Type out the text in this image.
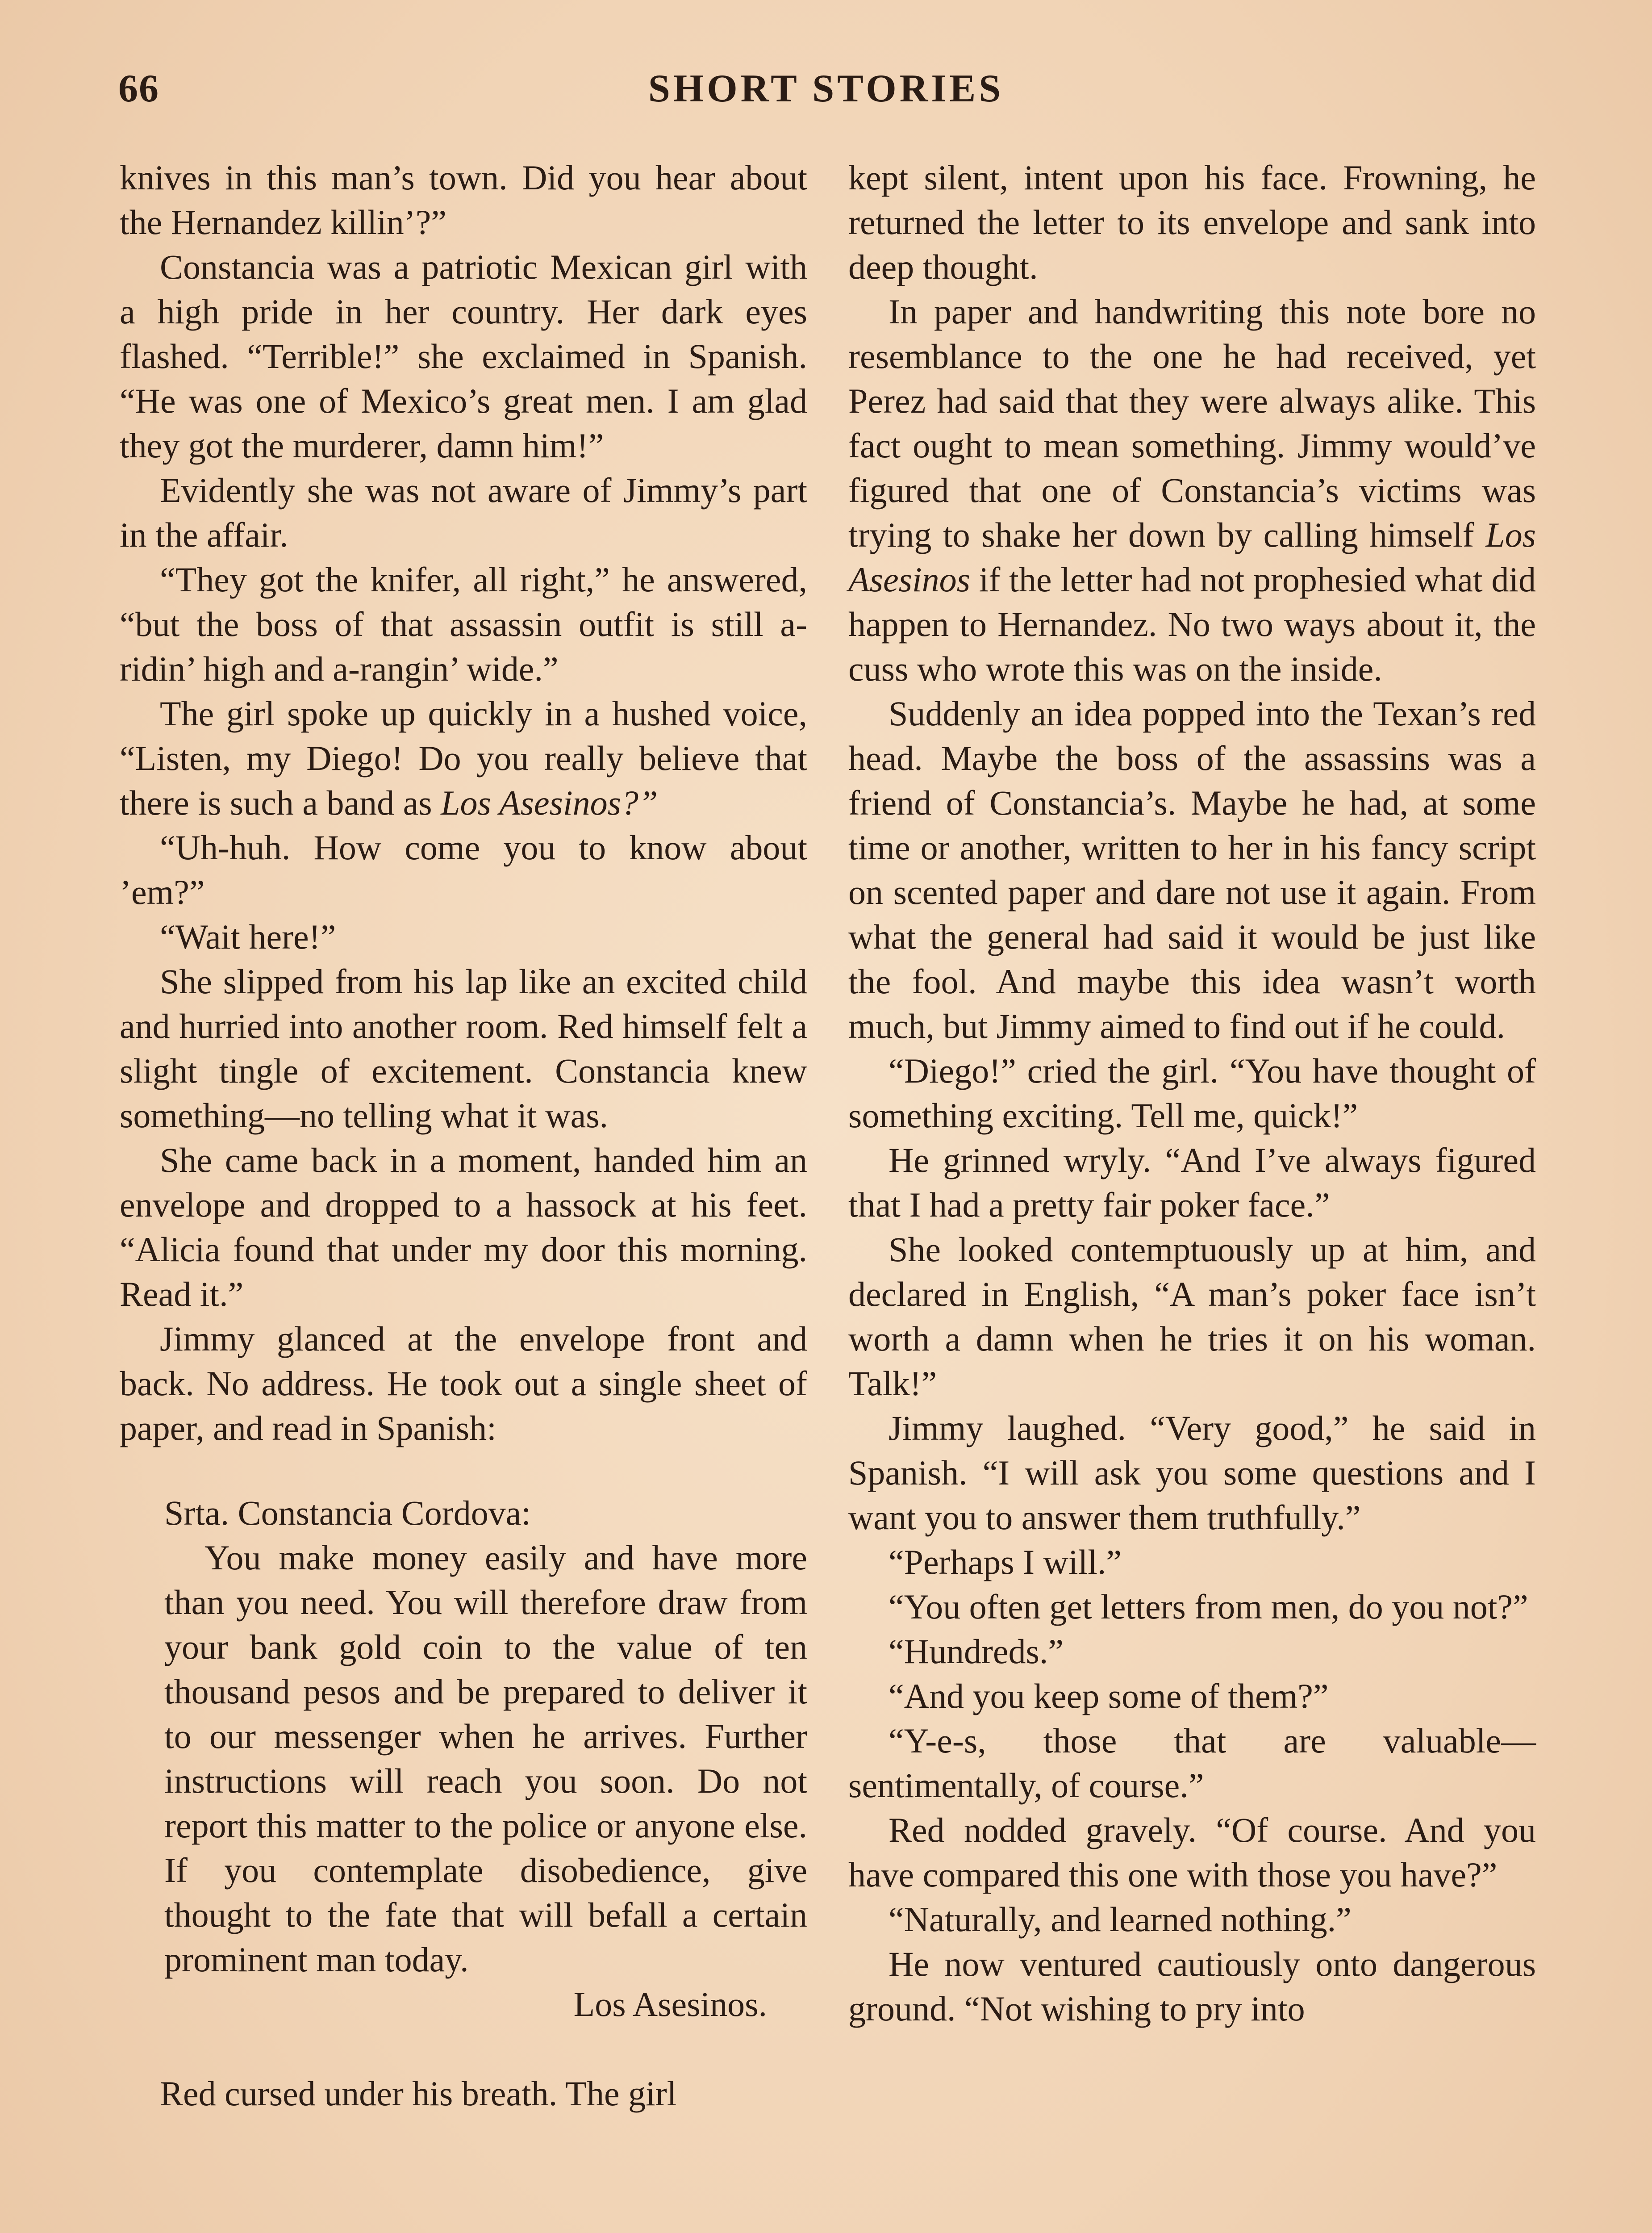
66	SHORT STORIES

knives in this man’s town. Did you hear about the Hernandez killin’?”

Constancia was a patriotic Mexican girl with a high pride in her country. Her dark eyes flashed. “Terrible!” she exclaimed in Spanish. “He was one of Mexico’s great men. I am glad they got the murderer, damn him!”

Evidently she was not aware of Jimmy’s part in the affair.

“They got the knifer, all right,” he answered, “but the boss of that assassin outfit is still a-ridin’ high and a-rangin’ wide.”

The girl spoke up quickly in a hushed voice, “Listen, my Diego! Do you really believe that there is such a band as Los Asesinos?”

“Uh-huh. How come you to know about ’em?”

“Wait here!”

She slipped from his lap like an excited child and hurried into another room. Red himself felt a slight tingle of excitement. Constancia knew something—no telling what it was.

She came back in a moment, handed him an envelope and dropped to a hassock at his feet. “Alicia found that under my door this morning. Read it.”

Jimmy glanced at the envelope front and back. No address. He took out a single sheet of paper, and read in Spanish:

Srta. Constancia Cordova:

You make money easily and have more than you need. You will therefore draw from your bank gold coin to the value of ten thousand pesos and be prepared to deliver it to our messenger when he arrives. Further instructions will reach you soon. Do not report this matter to the police or anyone else. If you contemplate disobedience, give thought to the fate that will befall a certain prominent man today.

Los Asesinos.

Red cursed under his breath. The girl

kept silent, intent upon his face. Frowning, he returned the letter to its envelope and sank into deep thought.

In paper and handwriting this note bore no resemblance to the one he had received, yet Perez had said that they were always alike. This fact ought to mean something. Jimmy would’ve figured that one of Constancia’s victims was trying to shake her down by calling himself Los Asesinos if the letter had not prophesied what did happen to Hernandez. No two ways about it, the cuss who wrote this was on the inside.

Suddenly an idea popped into the Texan’s red head. Maybe the boss of the assassins was a friend of Constancia’s. Maybe he had, at some time or another, written to her in his fancy script on scented paper and dare not use it again. From what the general had said it would be just like the fool. And maybe this idea wasn’t worth much, but Jimmy aimed to find out if he could.

“Diego!” cried the girl. “You have thought of something exciting. Tell me, quick!”

He grinned wryly. “And I’ve always figured that I had a pretty fair poker face.”

She looked contemptuously up at him, and declared in English, “A man’s poker face isn’t worth a damn when he tries it on his woman. Talk!”

Jimmy laughed. “Very good,” he said in Spanish. “I will ask you some questions and I want you to answer them truthfully.”

“Perhaps I will.”

“You often get letters from men, do you not?”

“Hundreds.”

“And you keep some of them?”

“Y-e-s, those that are valuable—sentimentally, of course.”

Red nodded gravely. “Of course. And you have compared this one with those you have?”

“Naturally, and learned nothing.”

He now ventured cautiously onto dangerous ground. “Not wishing to pry into
